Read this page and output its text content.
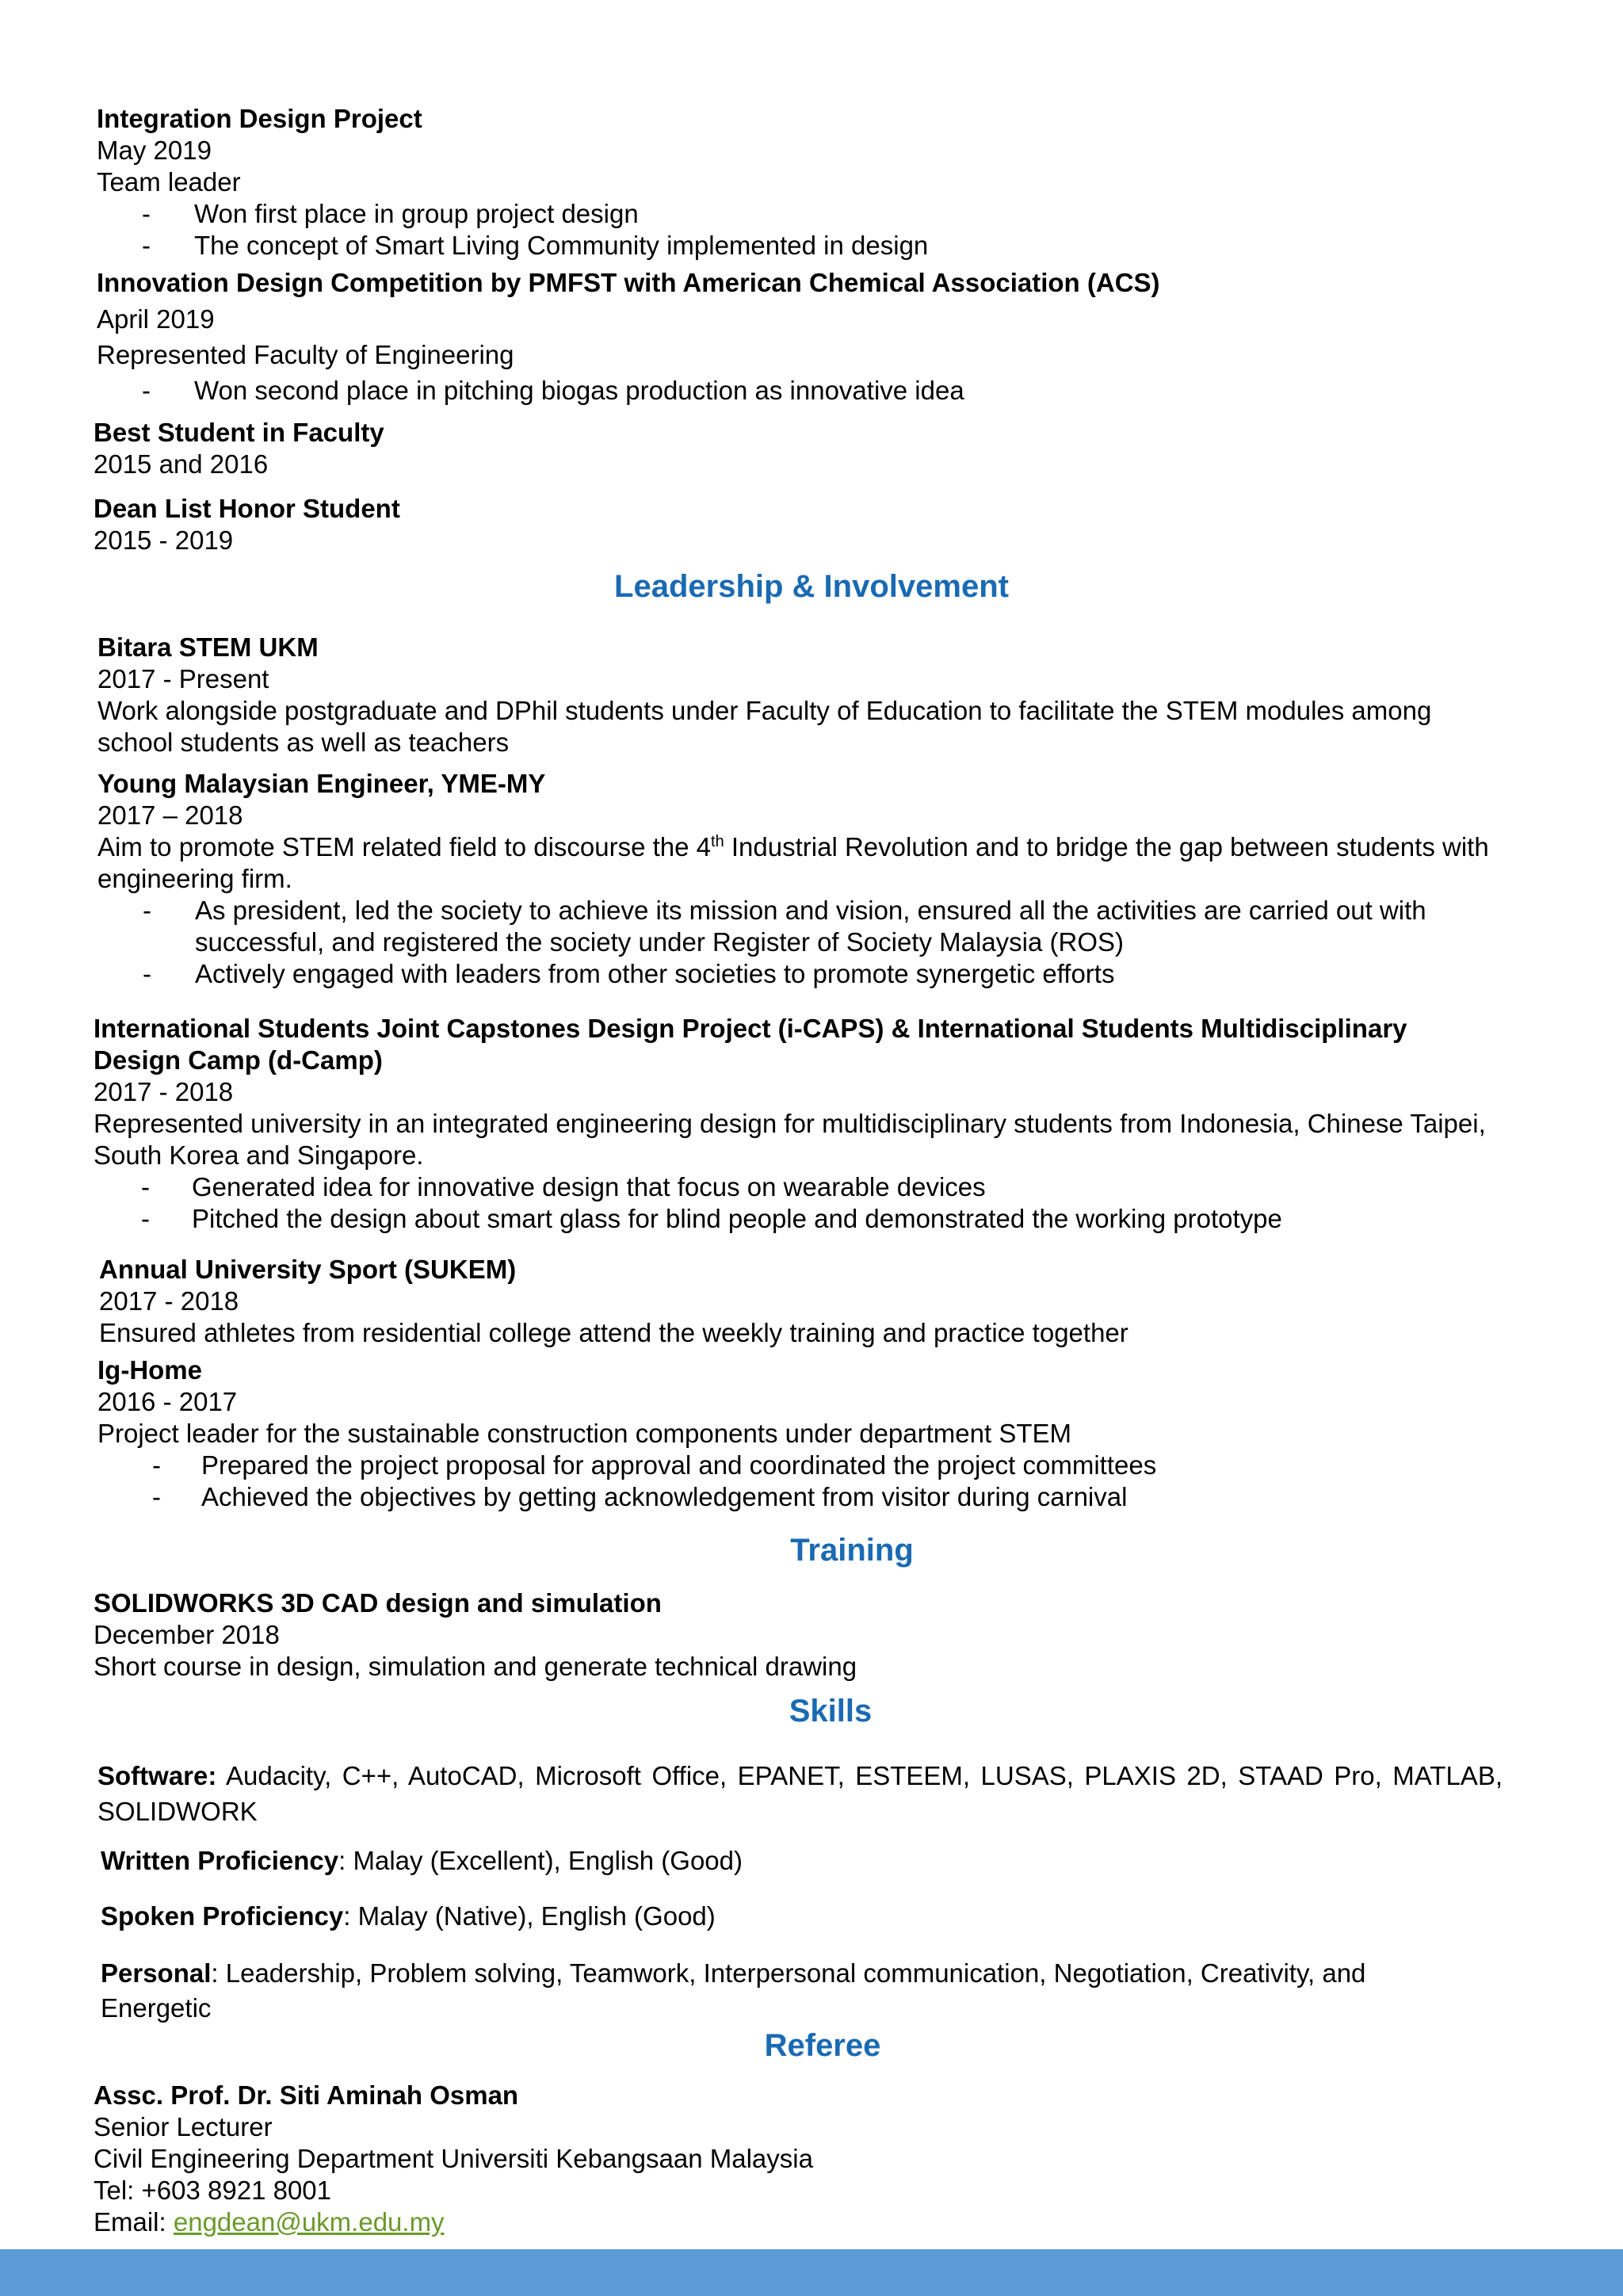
Integration Design Project
May 2019
Team leader
- Won first place in group project design
- The concept of Smart Living Community implemented in design
Innovation Design Competition by PMFST with American Chemical Association (ACS)
April 2019
Represented Faculty of Engineering
- Won second place in pitching biogas production as innovative idea
Best Student in Faculty
2015 and 2016
Dean List Honor Student
2015 - 2019
Leadership & Involvement
Bitara STEM UKM
2017 - Present
Work alongside postgraduate and DPhil students under Faculty of Education to facilitate the STEM modules among school students as well as teachers
Young Malaysian Engineer, YME-MY
2017 – 2018
Aim to promote STEM related field to discourse the 4th Industrial Revolution and to bridge the gap between students with engineering firm.
- As president, led the society to achieve its mission and vision, ensured all the activities are carried out with successful, and registered the society under Register of Society Malaysia (ROS)
- Actively engaged with leaders from other societies to promote synergetic efforts
International Students Joint Capstones Design Project (i-CAPS) & International Students Multidisciplinary Design Camp (d-Camp)
2017 - 2018
Represented university in an integrated engineering design for multidisciplinary students from Indonesia, Chinese Taipei, South Korea and Singapore.
- Generated idea for innovative design that focus on wearable devices
- Pitched the design about smart glass for blind people and demonstrated the working prototype
Annual University Sport (SUKEM)
2017 - 2018
Ensured athletes from residential college attend the weekly training and practice together
Ig-Home
2016 - 2017
Project leader for the sustainable construction components under department STEM
- Prepared the project proposal for approval and coordinated the project committees
- Achieved the objectives by getting acknowledgement from visitor during carnival
Training
SOLIDWORKS 3D CAD design and simulation
December 2018
Short course in design, simulation and generate technical drawing
Skills
Software: Audacity, C++, AutoCAD, Microsoft Office, EPANET, ESTEEM, LUSAS, PLAXIS 2D, STAAD Pro, MATLAB, SOLIDWORK
Written Proficiency: Malay (Excellent), English (Good)
Spoken Proficiency: Malay (Native), English (Good)
Personal: Leadership, Problem solving, Teamwork, Interpersonal communication, Negotiation, Creativity, and Energetic
Referee
Assc. Prof. Dr. Siti Aminah Osman
Senior Lecturer
Civil Engineering Department Universiti Kebangsaan Malaysia
Tel: +603 8921 8001
Email: engdean@ukm.edu.my
